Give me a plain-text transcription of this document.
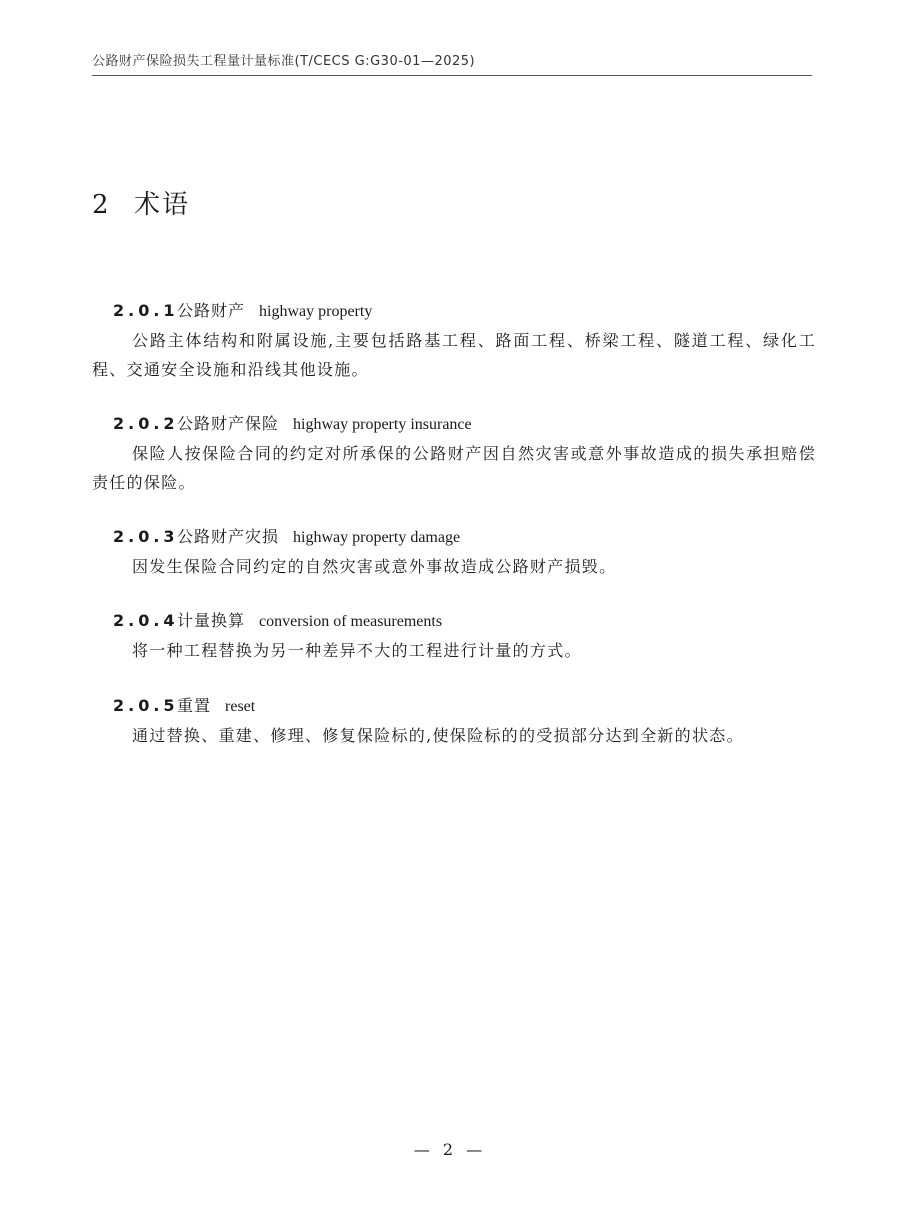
公路财产保险损失工程量计量标准(T/CECS G:G30-01—2025)
2 术语
2.0.1公路财产 highway property

公路主体结构和附属设施,主要包括路基工程、路面工程、桥梁工程、隧道工程、绿化工程、交通安全设施和沿线其他设施。

2.0.2公路财产保险 highway property insurance

保险人按保险合同的约定对所承保的公路财产因自然灾害或意外事故造成的损失承担赔偿责任的保险。

2.0.3公路财产灾损 highway property damage

因发生保险合同约定的自然灾害或意外事故造成公路财产损毁。

2.0.4计量换算 conversion of measurements

将一种工程替换为另一种差异不大的工程进行计量的方式。

2.0.5重置 reset

通过替换、重建、修理、修复保险标的,使保险标的的受损部分达到全新的状态。

— 2 —
